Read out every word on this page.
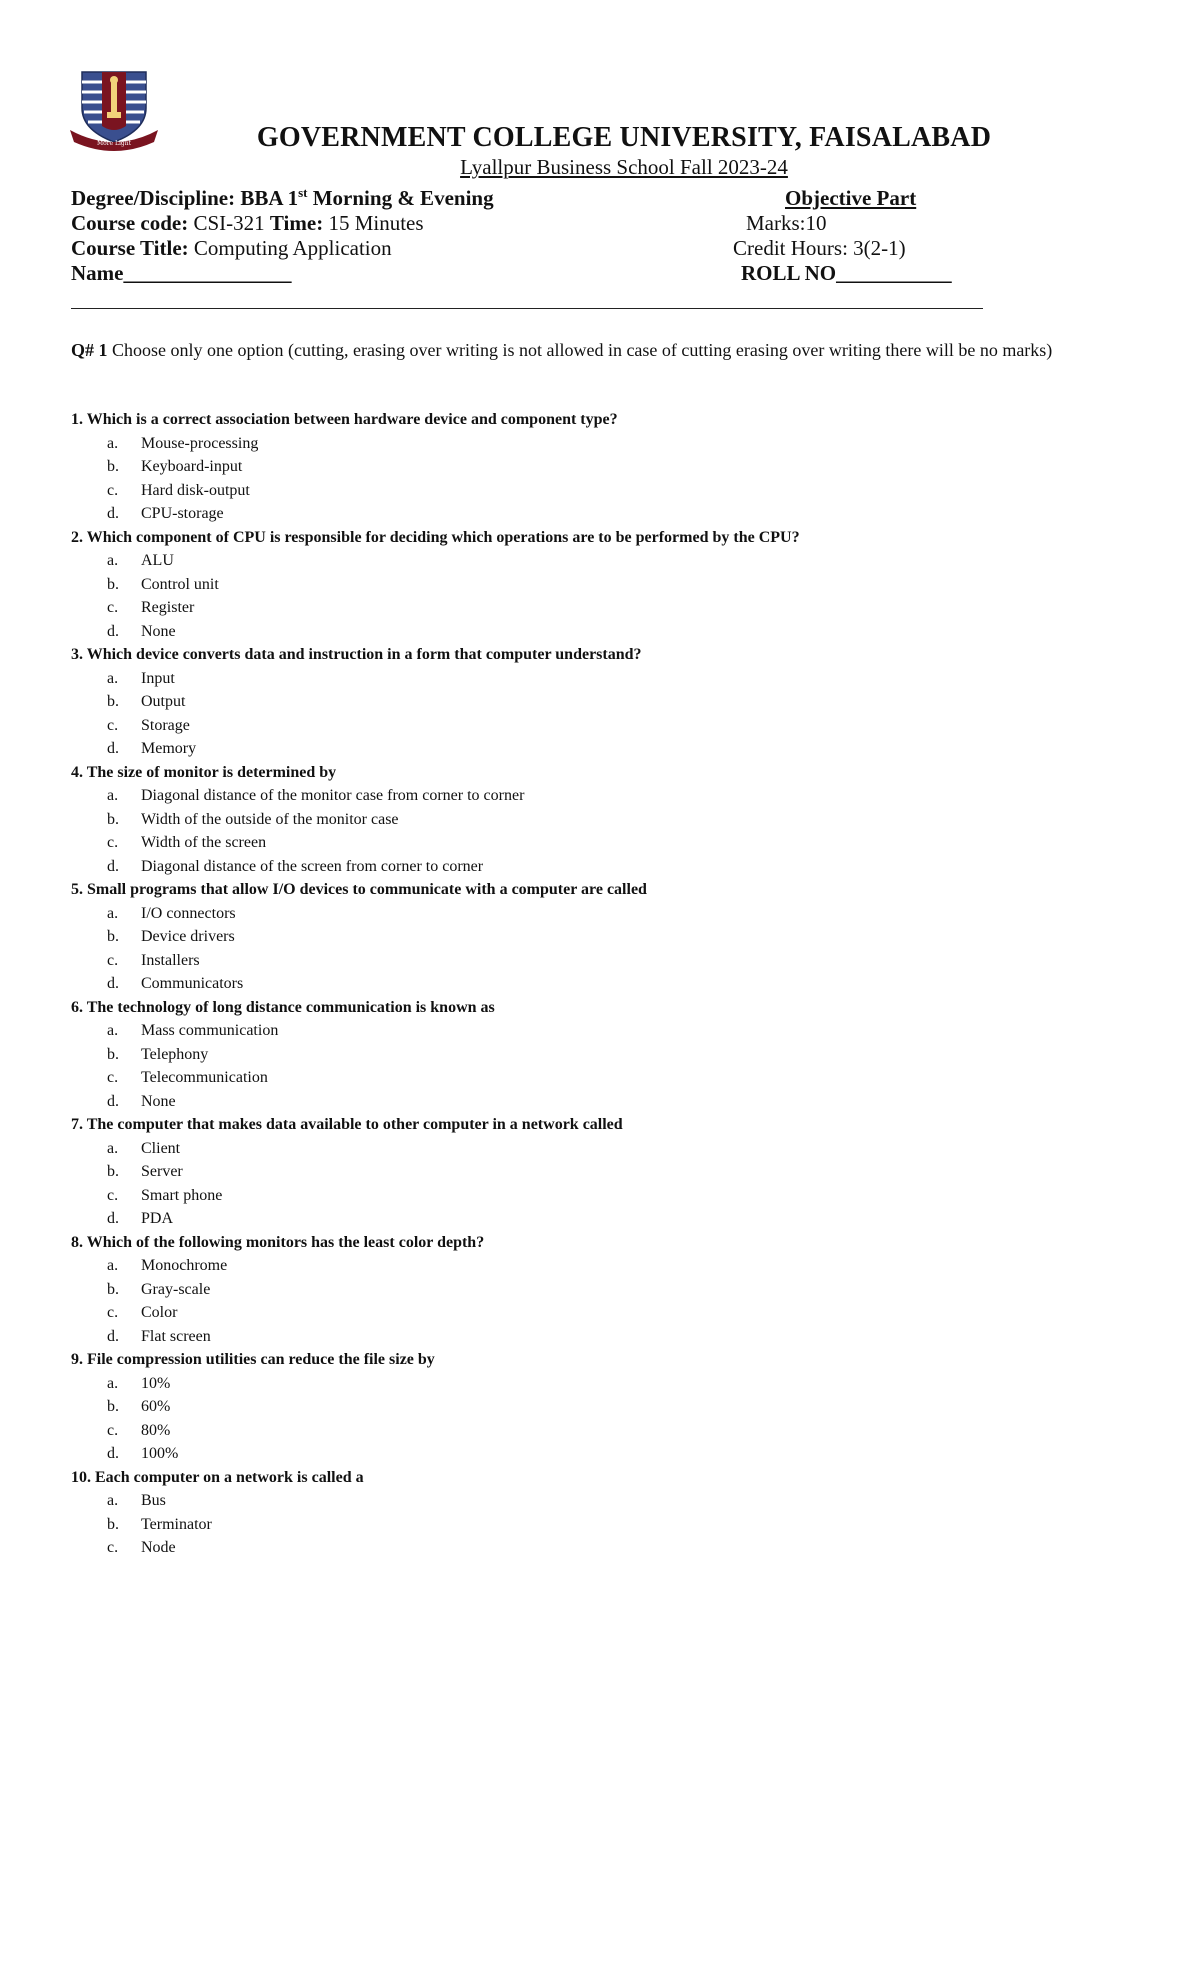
More Light	GOVERNMENT COLLEGE UNIVERSITY, FAISALABAD
Lyallpur Business School Fall 2023-24
Degree/Discipline: BBA 1st Morning & Evening	Objective Part
Course code: CSI-321 Time: 15 Minutes	Marks:10
Course Title: Computing Application	Credit Hours: 3(2-1)
Name________________	ROLL NO___________
Q# 1 Choose only one option (cutting, erasing over writing is not allowed in case of cutting erasing over writing there will be no marks)
1. Which is a correct association between hardware device and component type?
a. Mouse-processing
b. Keyboard-input
c. Hard disk-output
d. CPU-storage
2. Which component of CPU is responsible for deciding which operations are to be performed by the CPU?
a. ALU
b. Control unit
c. Register
d. None
3. Which device converts data and instruction in a form that computer understand?
a. Input
b. Output
c. Storage
d. Memory
4. The size of monitor is determined by
a. Diagonal distance of the monitor case from corner to corner
b. Width of the outside of the monitor case
c. Width of the screen
d. Diagonal distance of the screen from corner to corner
5. Small programs that allow I/O devices to communicate with a computer are called
a. I/O connectors
b. Device drivers
c. Installers
d. Communicators
6. The technology of long distance communication is known as
a. Mass communication
b. Telephony
c. Telecommunication
d. None
7. The computer that makes data available to other computer in a network called
a. Client
b. Server
c. Smart phone
d. PDA
8. Which of the following monitors has the least color depth?
a. Monochrome
b. Gray-scale
c. Color
d. Flat screen
9. File compression utilities can reduce the file size by
a. 10%
b. 60%
c. 80%
d. 100%
10. Each computer on a network is called a
a. Bus
b. Terminator
c. Node
